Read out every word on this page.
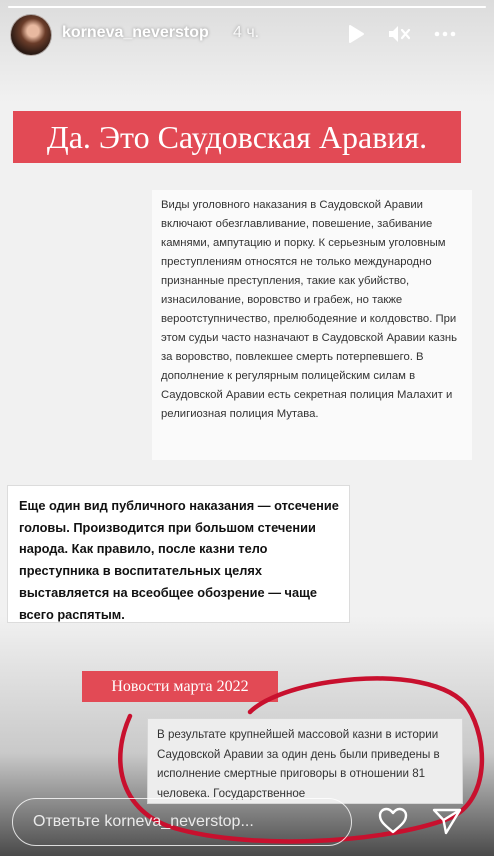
korneva_neverstop 4 ч.
Да. Это Саудовская Аравия.
Виды уголовного наказания в Саудовской Аравии включают обезглавливание, повешение, забивание камнями, ампутацию и порку. К серьезным уголовным преступлениям относятся не только международно признанные преступления, такие как убийство, изнасилование, воровство и грабеж, но также вероотступничество, прелюбодеяние и колдовство. При этом судьи часто назначают в Саудовской Аравии казнь за воровство, повлекшее смерть потерпевшего. В дополнение к регулярным полицейским силам в Саудовской Аравии есть секретная полиция Малахит и религиозная полиция Мутава.
Еще один вид публичного наказания — отсечение головы. Производится при большом стечении народа. Как правило, после казни тело преступника в воспитательных целях выставляется на всеобщее обозрение — чаще всего распятым.
Новости марта 2022
В результате крупнейшей массовой казни в истории Саудовской Аравии за один день были приведены в исполнение смертные приговоры в отношении 81 человека. Государственное
Ответьте korneva_neverstop...
